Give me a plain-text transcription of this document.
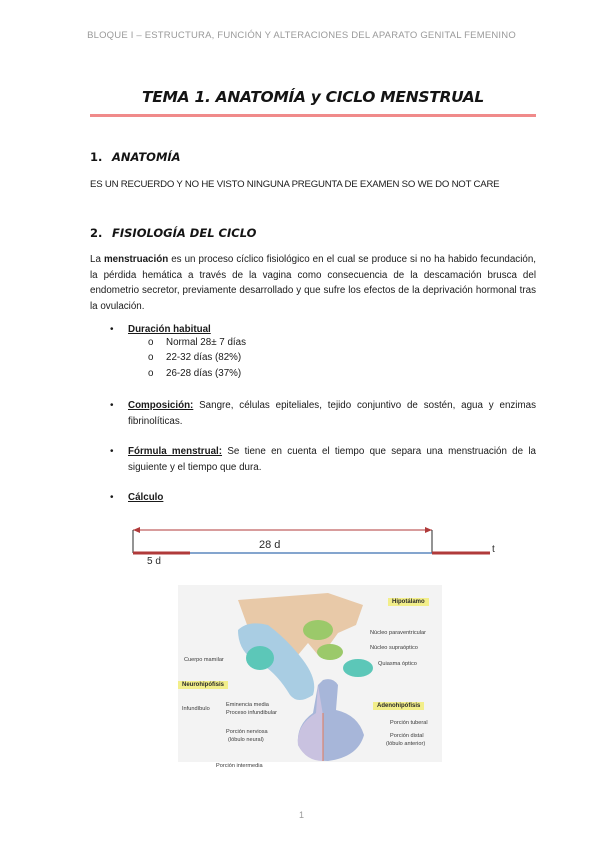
BLOQUE I – ESTRUCTURA, FUNCIÓN Y ALTERACIONES DEL APARATO GENITAL FEMENINO
TEMA 1. ANATOMÍA y CICLO MENSTRUAL
1. ANATOMÍA
ES UN RECUERDO Y NO HE VISTO NINGUNA PREGUNTA DE EXAMEN SO WE DO NOT CARE
2. FISIOLOGÍA DEL CICLO
La menstruación es un proceso cíclico fisiológico en el cual se produce si no ha habido fecundación, la pérdida hemática a través de la vagina como consecuencia de la descamación brusca del endometrio secretor, previamente desarrollado y que sufre los efectos de la deprivación hormonal tras la ovulación.
•	Duración habitual
o Normal 28± 7 días
o 22-32 días (82%)
o 26-28 días (37%)
•	Composición: Sangre, células epiteliales, tejido conjuntivo de sostén, agua y enzimas fibrinolíticas.
•	Fórmula menstrual: Se tiene en cuenta el tiempo que separa una menstruación de la siguiente y el tiempo que dura.
•	Cálculo
28 d
5 d
t
Hipotálamo
Neurohipófisis
Adenohipófisis
Cuerpo mamilar
Infundíbulo
Eminencia media
Proceso infundibular
Porción nerviosa
(lóbulo neural)
Porción intermedia
Núcleo paraventricular
Núcleo supraóptico
Quiasma óptico
Porción tuberal
Porción distal
(lóbulo anterior)
1
